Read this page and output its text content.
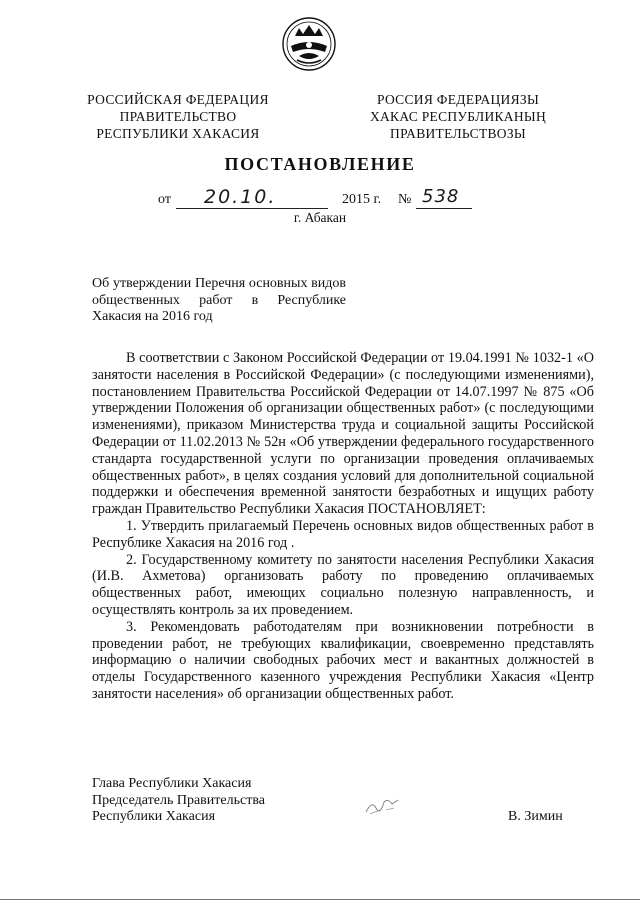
РОССИЙСКАЯ ФЕДЕРАЦИЯ
ПРАВИТЕЛЬСТВО
РЕСПУБЛИКИ ХАКАСИЯ
РОССИЯ ФЕДЕРАЦИЯЗЫ
ХАКАС РЕСПУБЛИКАНЫҢ
ПРАВИТЕЛЬСТВОЗЫ
ПОСТАНОВЛЕНИЕ
от 20.10.	2015 г. № 538
г. Абакан
Об утверждении Перечня основных видов общественных работ в Республике Хакасия на 2016 год

В соответствии с Законом Российской Федерации от 19.04.1991 № 1032-1 «О занятости населения в Российской Федерации» (с последующими изменениями), постановлением Правительства Российской Федерации от 14.07.1997 № 875 «Об утверждении Положения об организации общественных работ» (с последующими изменениями), приказом Министерства труда и социальной защиты Российской Федерации от 11.02.2013 № 52н «Об утверждении федерального государственного стандарта государственной услуги по организации проведения оплачиваемых общественных работ», в целях создания условий для дополнительной социальной поддержки и обеспечения временной занятости безработных и ищущих работу граждан Правительство Республики Хакасия ПОСТАНОВЛЯЕТ:

1. Утвердить прилагаемый Перечень основных видов общественных работ в Республике Хакасия на 2016 год .

2. Государственному комитету по занятости населения Республики Хакасия (И.В. Ахметова) организовать работу по проведению оплачиваемых общественных работ, имеющих социально полезную направленность, и осуществлять контроль за их проведением.

3. Рекомендовать работодателям при возникновении потребности в проведении работ, не требующих квалификации, своевременно представлять информацию о наличии свободных рабочих мест и вакантных должностей в отделы Государственного казенного учреждения Республики Хакасия «Центр занятости населения» об организации общественных работ.

Глава Республики Хакасия
Председатель Правительства
Республики Хакасия	В. Зимин
